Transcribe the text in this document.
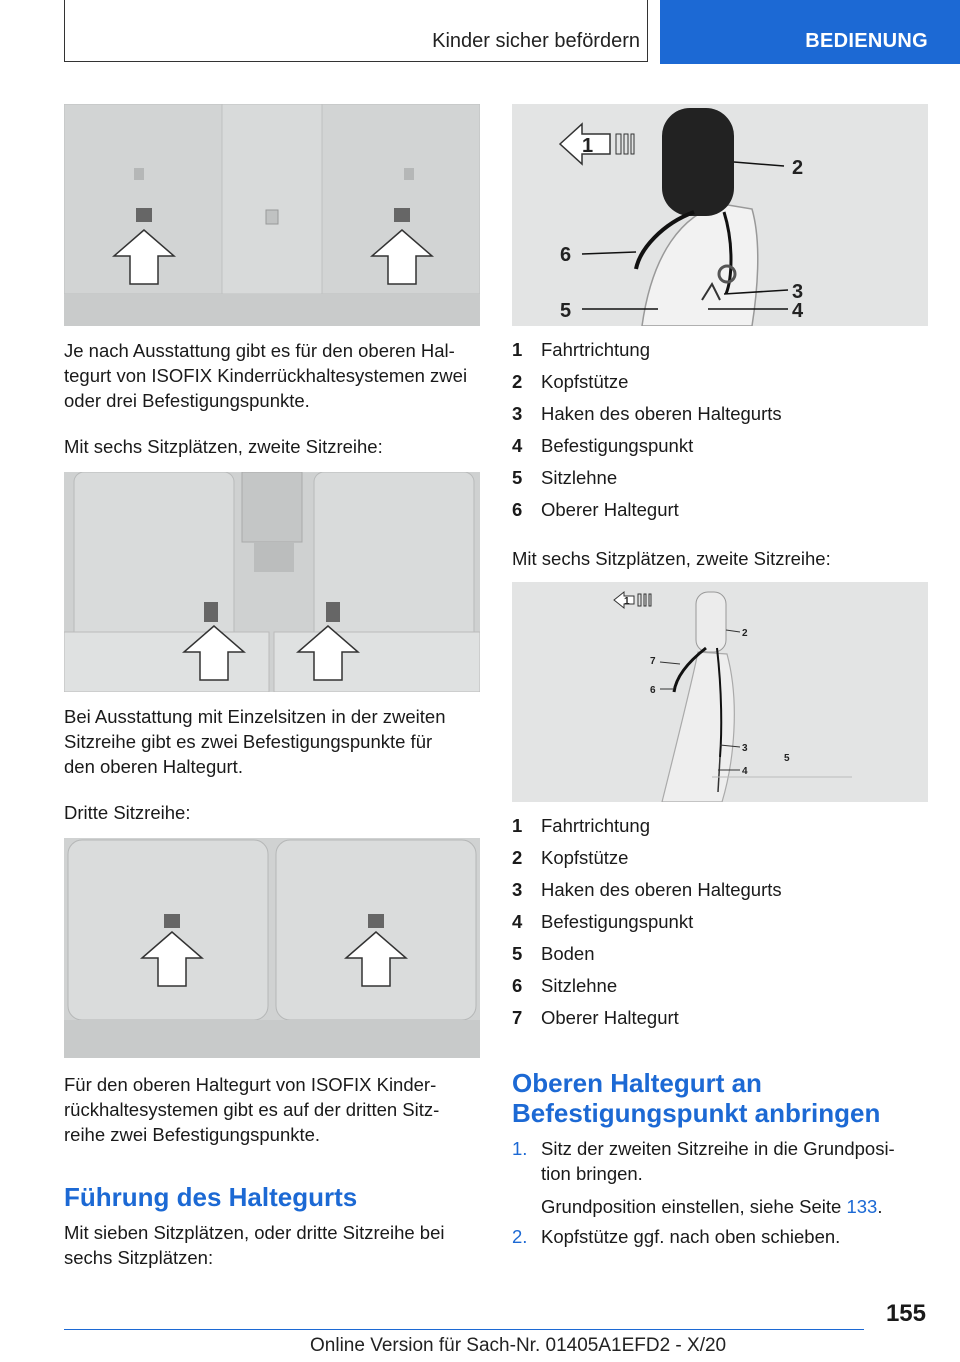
Kinder sicher befördern	BEDIENUNG
Je nach Ausstattung gibt es für den oberen Hal-
tegurt von ISOFIX Kinderrückhaltesystemen zwei
oder drei Befestigungspunkte.
Mit sechs Sitzplätzen, zweite Sitzreihe:
Bei Ausstattung mit Einzelsitzen in der zweiten
Sitzreihe gibt es zwei Befestigungspunkte für
den oberen Haltegurt.
Dritte Sitzreihe:
Für den oberen Haltegurt von ISOFIX Kinder-
rückhaltesystemen gibt es auf der dritten Sitz-
reihe zwei Befestigungspunkte.
Führung des Haltegurts
Mit sieben Sitzplätzen, oder dritte Sitzreihe bei
sechs Sitzplätzen:
1
2
6
3
5	4
1	Fahrtrichtung
2	Kopfstütze
3	Haken des oberen Haltegurts
4	Befestigungspunkt
5	Sitzlehne
6	Oberer Haltegurt
Mit sechs Sitzplätzen, zweite Sitzreihe:
1
2
7
6
3
5
4
1	Fahrtrichtung
2	Kopfstütze
3	Haken des oberen Haltegurts
4	Befestigungspunkt
5	Boden
6	Sitzlehne
7	Oberer Haltegurt
Oberen Haltegurt an
Befestigungspunkt anbringen
1. Sitz der zweiten Sitzreihe in die Grundposi-
tion bringen.
Grundposition einstellen, siehe Seite 133.
2. Kopfstütze ggf. nach oben schieben.
155
Online Version für Sach-Nr. 01405A1EFD2 - X/20
